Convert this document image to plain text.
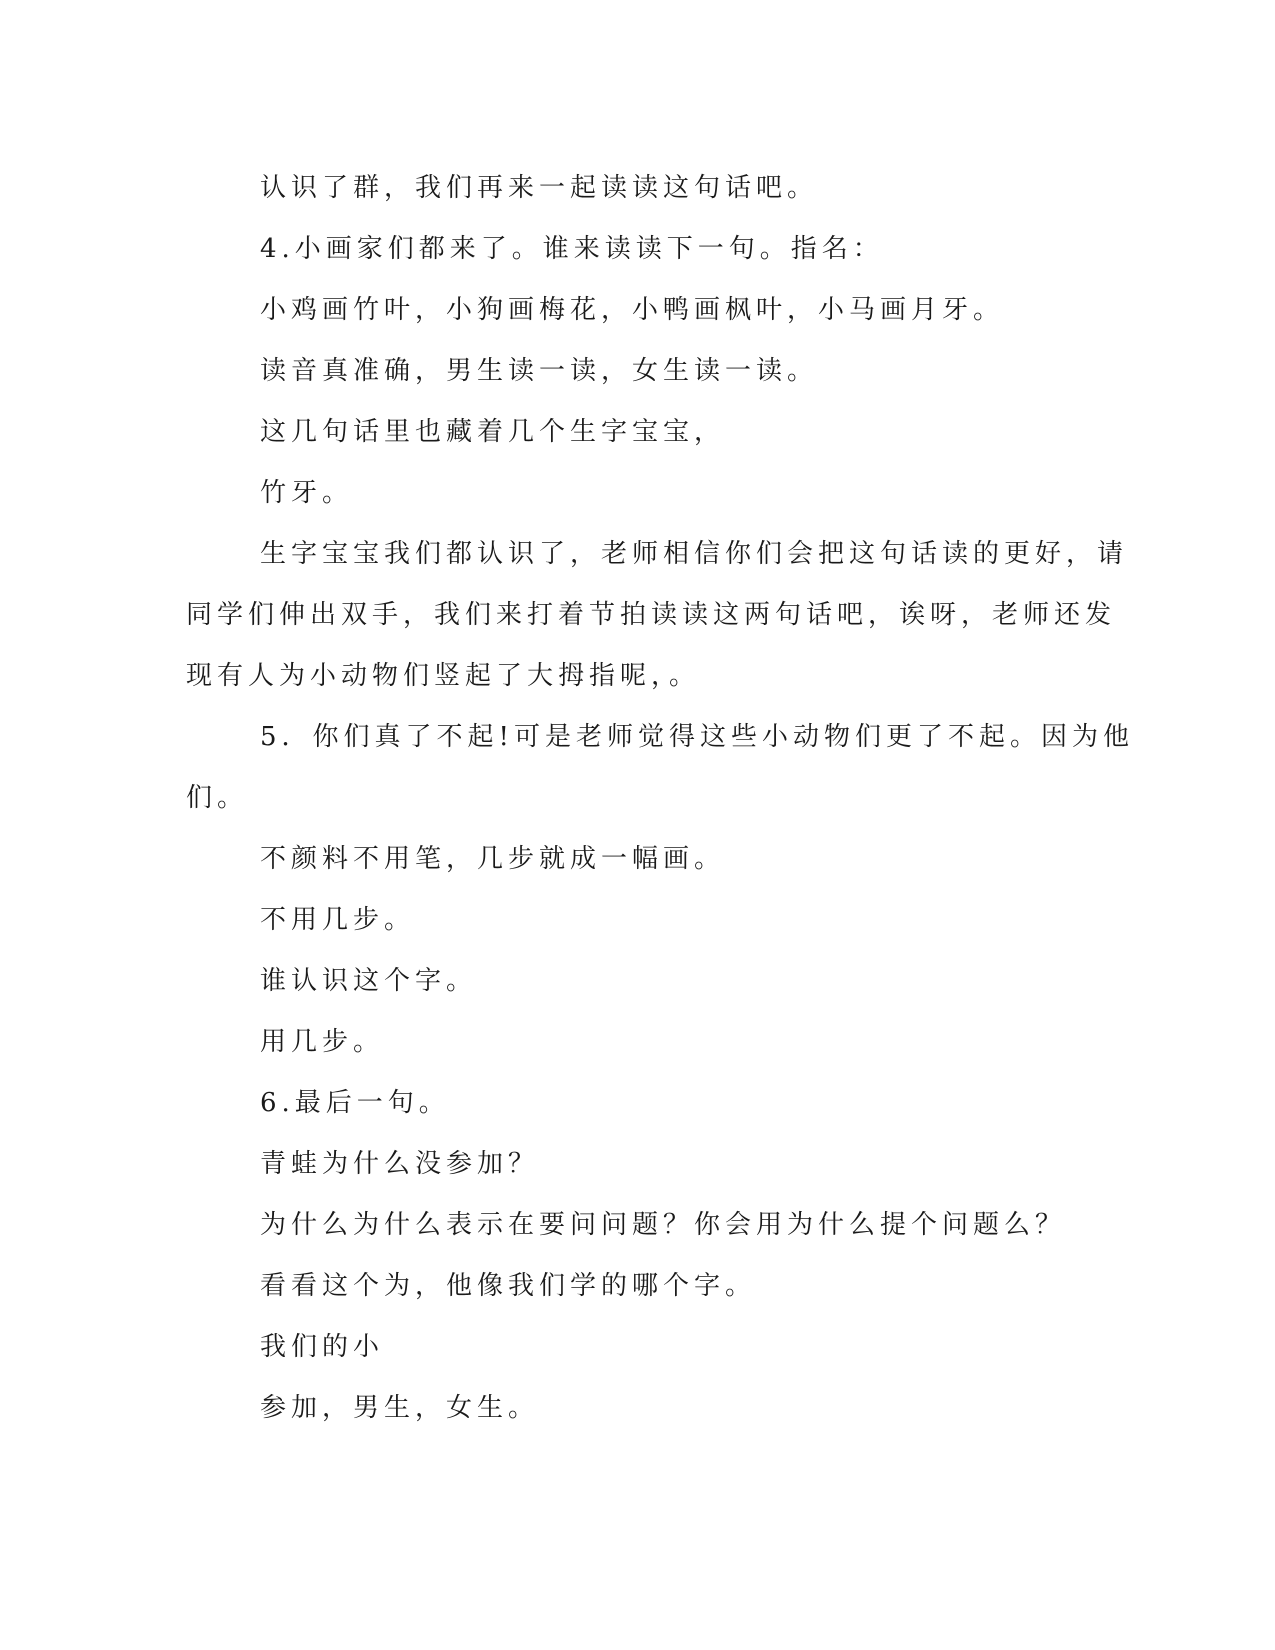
认识了群，我们再来一起读读这句话吧。
4.小画家们都来了。谁来读读下一句。指名：
小鸡画竹叶，小狗画梅花，小鸭画枫叶，小马画月牙。
读音真准确，男生读一读，女生读一读。
这几句话里也藏着几个生字宝宝，
竹牙。
生字宝宝我们都认识了，老师相信你们会把这句话读的更好，请
同学们伸出双手，我们来打着节拍读读这两句话吧，诶呀，老师还发
现有人为小动物们竖起了大拇指呢，。
5．你们真了不起!可是老师觉得这些小动物们更了不起。因为他
们。
不颜料不用笔，几步就成一幅画。
不用几步。
谁认识这个字。
用几步。
6.最后一句。
青蛙为什么没参加？
为什么为什么表示在要问问题？你会用为什么提个问题么？
看看这个为，他像我们学的哪个字。
我们的小
参加，男生，女生。
